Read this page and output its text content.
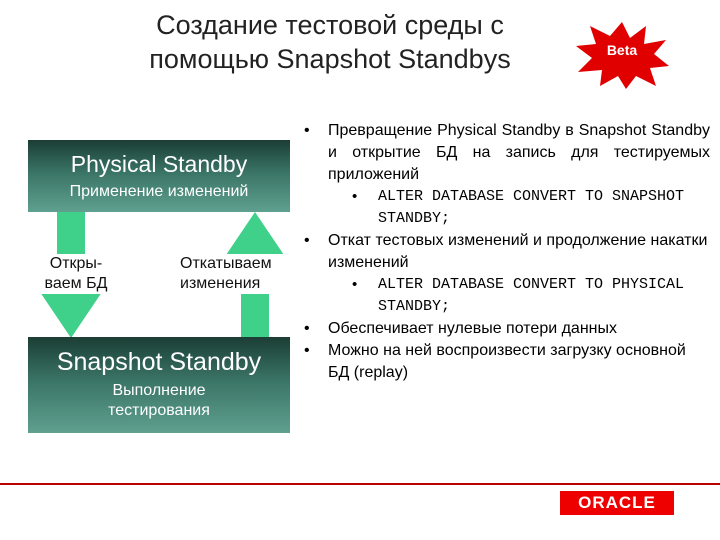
Создание тестовой среды с
помощью Snapshot Standbys	Beta
Physical Standby
Применение изменений
Откры-
ваем БД
Откатываем
изменения
Snapshot Standby
Выполнение
тестирования
• Превращение Physical Standby в Snapshot Standby и открытие БД на запись для тестируемых приложений
• ALTER DATABASE CONVERT TO SNAPSHOT STANDBY;
• Откат тестовых изменений и продолжение накатки изменений
• ALTER DATABASE CONVERT TO PHYSICAL STANDBY;
• Обеспечивает нулевые потери данных
• Можно на ней воспроизвести загрузку основной БД (replay)
ORACLE
